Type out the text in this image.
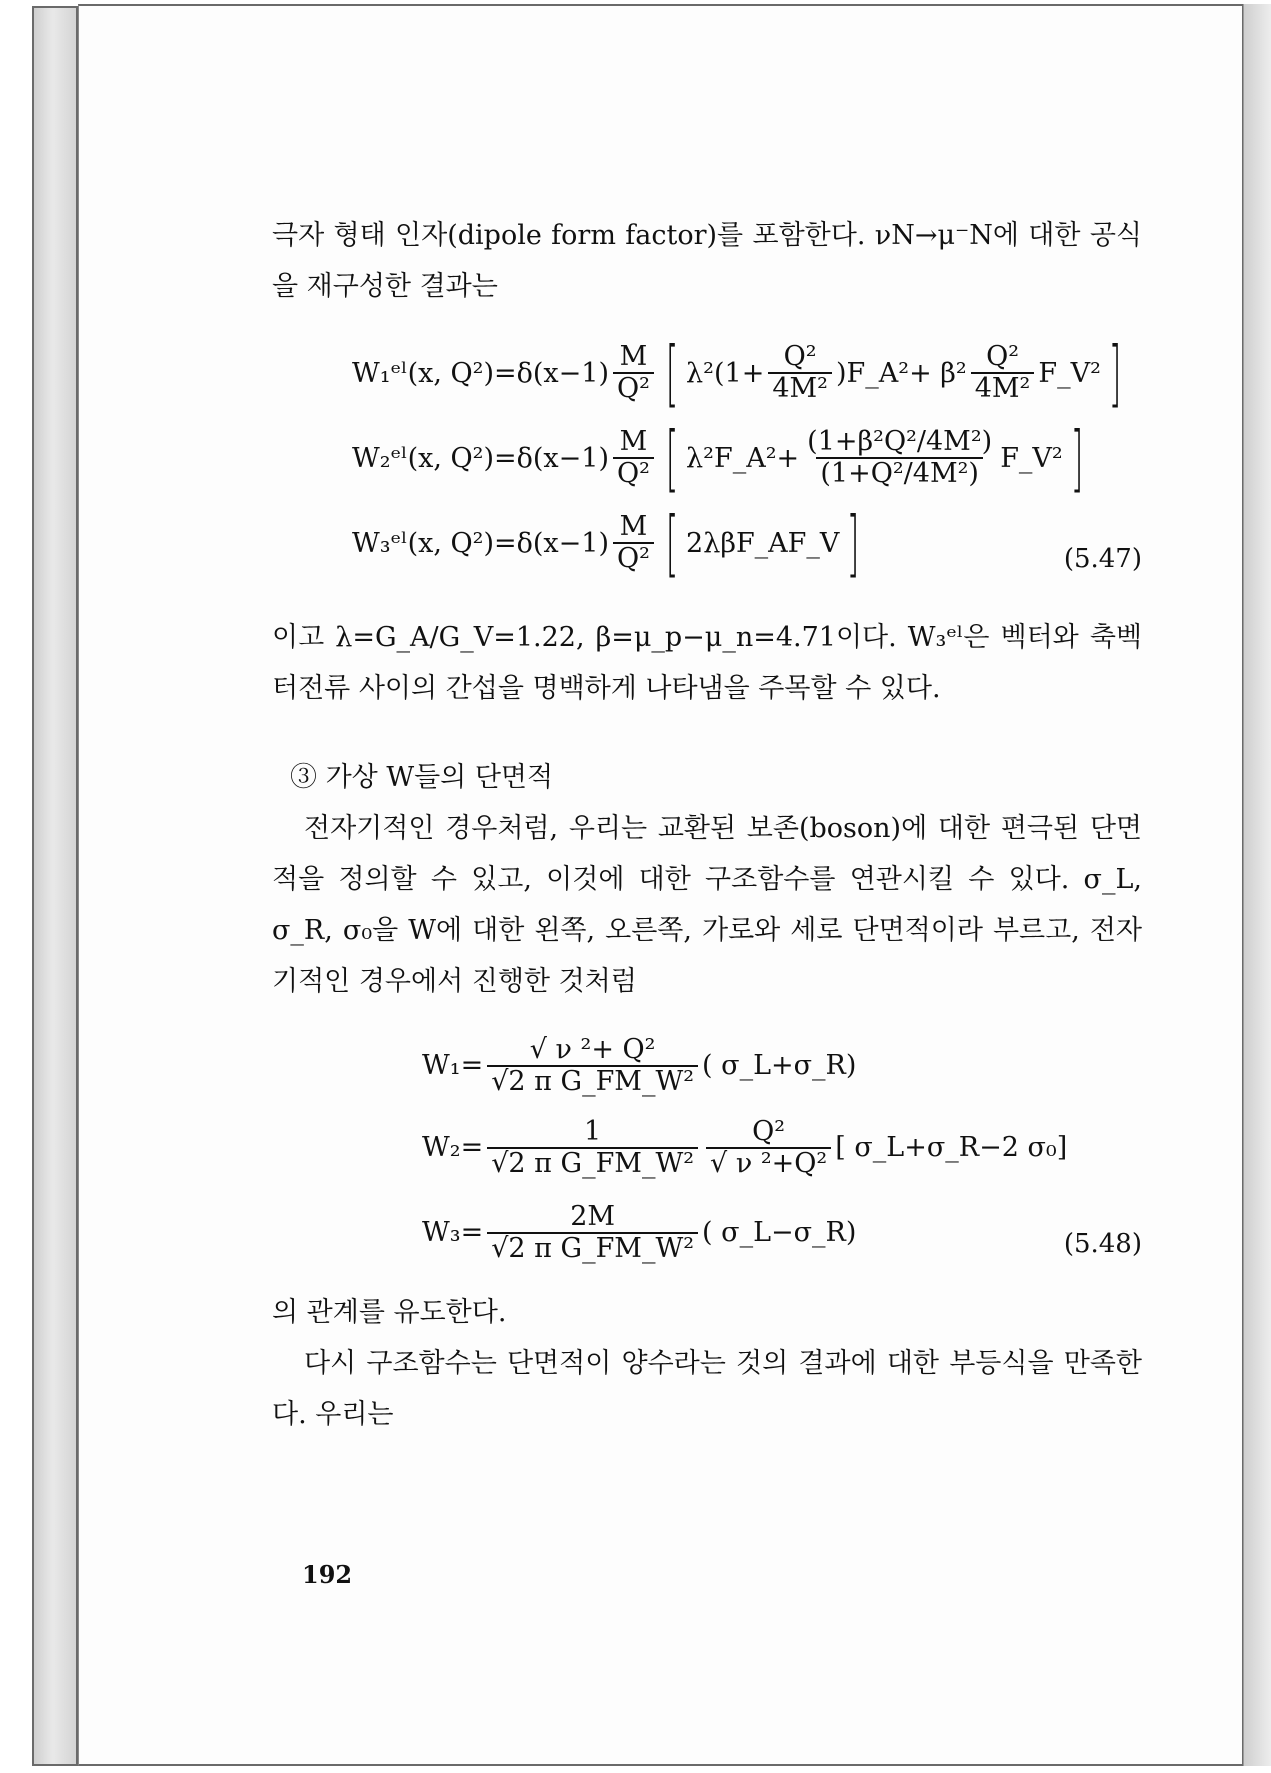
극자 형태 인자(dipole form factor)를 포함한다. νN→μ⁻N에 대한 공식을 재구성한 결과는

W₁ᵉˡ(x, $Q^2)=\delta(x-1) \frac{M}{\text{Q²}}$ [ $\lambda^2(1+ \frac{\text{Q²}}{\text{4M²}}$ )F_A²+ $\beta^2 \frac{\text{Q²}}{\text{4M²}}$ F_V² ]
W₂ᵉˡ(x, $Q^2)=\delta(x-1) \frac{M}{\text{Q²}}$ [ λ²F_A²+ $\frac{\text{(1+β²Q²/4M²)}}{\text{(1+Q²/4M²)}}$ F_V² ]
W₃ᵉˡ(x, $Q^2)=\delta(x-1) \frac{M}{\text{Q²}}$ [ 2λβF_AF_V ]	(5.47)

이고 λ=G_A/G_V=1.22, β=μ_p−μ_n=4.71이다. W₃ᵉˡ은 벡터와 축벡터전류 사이의 간섭을 명백하게 나타냄을 주목할 수 있다.

③ 가상 W들의 단면적

전자기적인 경우처럼, 우리는 교환된 보존(boson)에 대한 편극된 단면적을 정의할 수 있고, 이것에 대한 구조함수를 연관시킬 수 있다. σ_L, σ_R, σ₀을 W에 대한 왼쪽, 오른쪽, 가로와 세로 단면적이라 부르고, 전자기적인 경우에서 진행한 것처럼

$W_1= \frac{\text{√ ν ²+ Q²}}{\text{√2 π G\_FM\_W²}}$ ( σ_L+σ_R)
$W_2= \frac{1}{\text{√2 π G\_FM\_W²}} \frac{\text{Q²}}{\text{√ ν ²+Q²}}$ [ σ_L+σ_R−2 σ₀]
$W_3= \frac{2M}{\text{√2 π G\_FM\_W²}}$ ( σ_L−σ_R)	(5.48)

의 관계를 유도한다.

다시 구조함수는 단면적이 양수라는 것의 결과에 대한 부등식을 만족한다. 우리는

192
